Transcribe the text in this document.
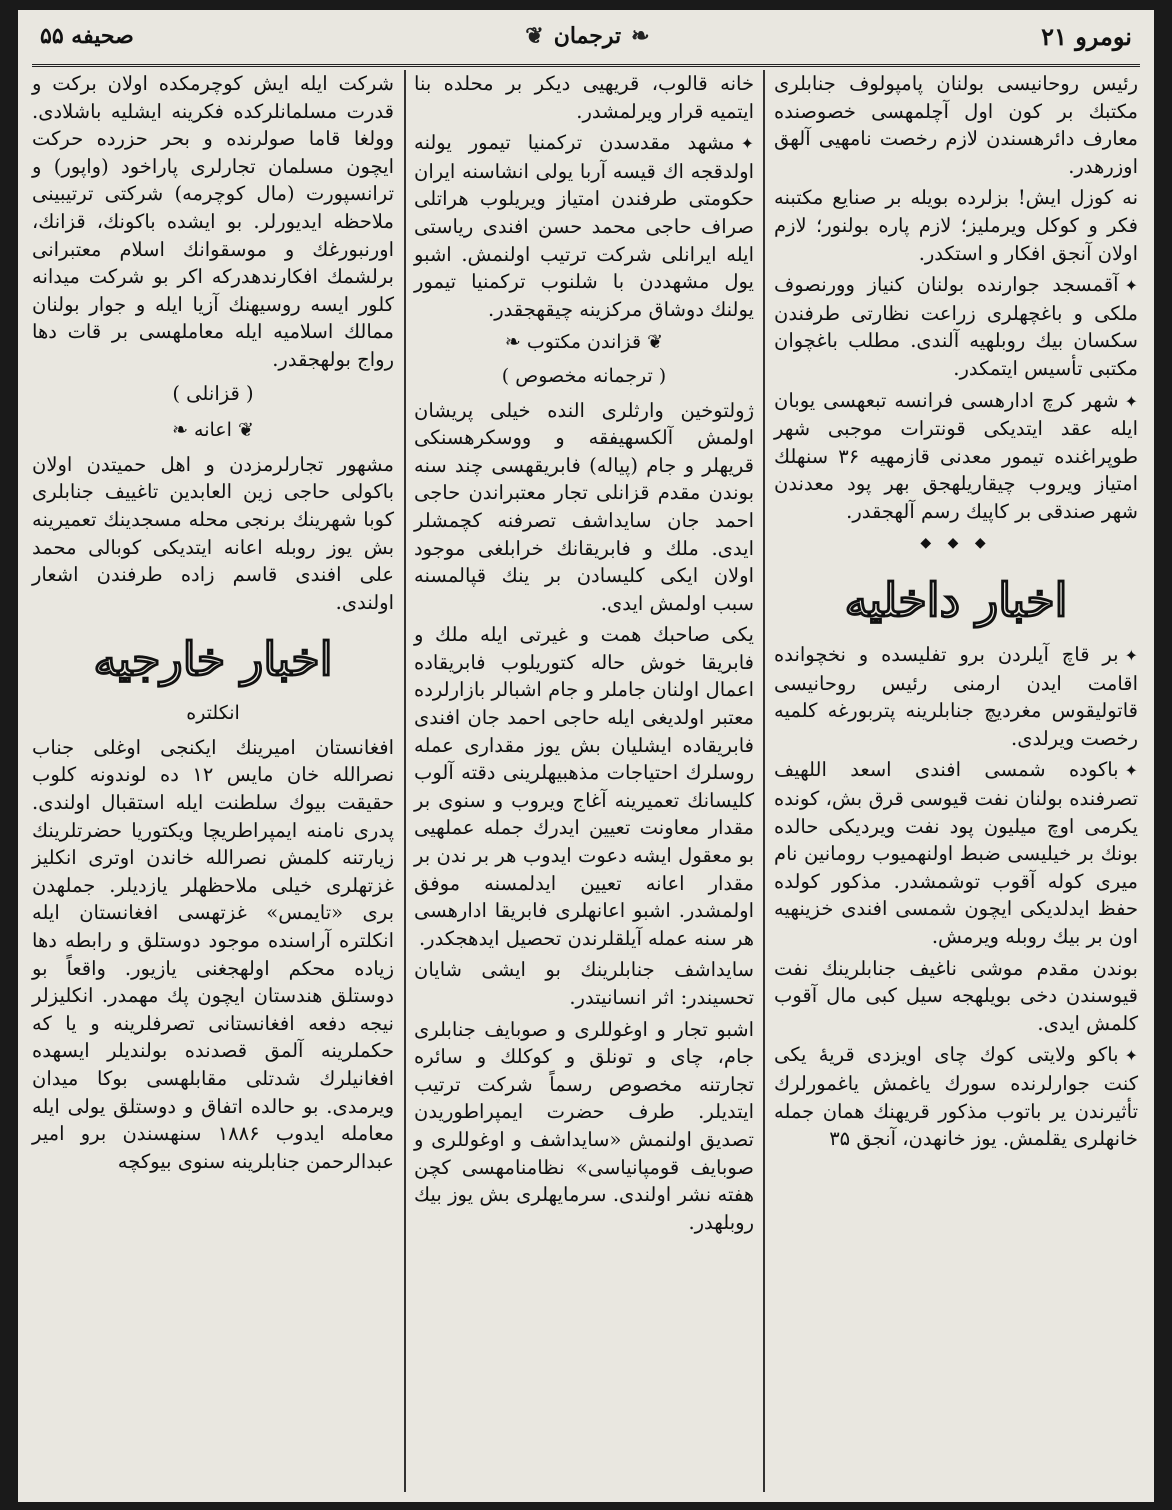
صحیفه ۵۵	❦ ترجمان ❧	نومرو ۲۱

رئیس روحانیسی بولنان پامپولوف جنابلری مکتبك بر کون اول آچلمهسی خصوصنده معارف دائرهسندن لازم رخصت نامهیی آلهق اوزرهدر.

نه کوزل ایش! بزلرده بویله بر صنایع مکتبنه فکر و کوکل ویرملیز؛ لازم پاره بولنور؛ لازم اولان آنجق افکار و استکدر.

✦آقمسجد جوارنده بولنان کنیاز وورنصوف ملکی و باغچهلری زراعت نظارتی طرفندن سکسان بیك روبلهیه آلندی. مطلب باغچوان مکتبی تأسیس ایتمکدر.

✦شهر کرچ ادارهسی فرانسه تبعهسی یوبان ایله عقد ایتدیکی قونترات موجبی شهر طوپراغنده تیمور معدنی قازمهیه ۳۶ سنهلك امتیاز ویروب چیقاریلهجق بهر پود معدندن شهر صندقی بر کاپیك رسم آلهجقدر.

◆ ◆ ◆
اخبار داخلیه

✦بر قاچ آیلردن برو تفلیسده و نخچوانده اقامت ایدن ارمنی رئیس روحانیسی قاتولیقوس مغردیچ جنابلرینه پتربورغه کلمیه رخصت ویرلدی.

✦باکوده شمسی افندی اسعد اللهیف تصرفنده بولنان نفت قیوسی قرق بش، کونده یکرمی اوچ میلیون پود نفت ویردیکی حالده بونك بر خیلیسی ضبط اولنهمیوب رومانین نام میری کوله آقوب توشمشدر. مذکور کولده حفظ ایدلدیکی ایچون شمسی افندی خزینهیه اون بر بیك روبله ویرمش.

بوندن مقدم موشی ناغیف جنابلرینك نفت قیوسندن دخی بویلهجه سیل کبی مال آقوب کلمش ایدی.

✦باکو ولایتی کوك چای اویزدی قریهٔ یکی کنت جوارلرنده سورك یاغمش یاغمورلرك تأثیرندن یر باتوب مذکور قریهنك همان جمله خانهلری یقلمش. یوز خانهدن، آنجق ۳۵

خانه قالوب، قریهیی دیکر بر محلده بنا ایتمیه قرار ویرلمشدر.

✦مشهد مقدسدن ترکمنیا تیمور یولنه اولدقجه اك قیسه آربا یولی انشاسنه ایران حکومتی طرفندن امتیاز ویریلوب هراتلی صراف حاجی محمد حسن افندی ریاستی ایله ایرانلی شرکت ترتیب اولنمش. اشبو یول مشهددن با شلنوب ترکمنیا تیمور یولنك دوشاق مرکزینه چیقهجقدر.

❦ قزاندن مکتوب ❧
( ترجمانه مخصوص )

ژولتوخین وارثلری النده خیلی پریشان اولمش آلکسهیفقه و ووسکرهسنکی قریهلر و جام (پیاله) فابریقهسی چند سنه بوندن مقدم قزانلی تجار معتبراندن حاجی احمد جان سایداشف تصرفنه کچمشلر ایدی. ملك و فابریقانك خرابلغی موجود اولان ایکی کلیسادن بر ینك قپالمسنه سبب اولمش ایدی.

یکی صاحبك همت و غیرتی ایله ملك و فابریقا خوش حاله کتوریلوب فابریقاده اعمال اولنان جاملر و جام اشبالر بازارلرده معتبر اولدیغی ایله حاجی احمد جان افندی فابریقاده ایشلیان بش یوز مقداری عمله روسلرك احتیاجات مذهبیهلرینی دقته آلوب کلیسانك تعمیرینه آغاج ویروب و سنوی بر مقدار معاونت تعیین ایدرك جمله عملهیی بو معقول ایشه دعوت ایدوب هر بر ندن بر مقدار اعانه تعیین ایدلمسنه موفق اولمشدر. اشبو اعانهلری فابریقا ادارهسی هر سنه عمله آیلقلرندن تحصیل ایدهجکدر.

سایداشف جنابلرینك بو ایشی شایان تحسیندر: اثر انسانیتدر.

اشبو تجار و اوغوللری و صوبایف جنابلری جام، چای و تونلق و کوکلك و سائره تجارتنه مخصوص رسماً شرکت ترتیب ایتدیلر. طرف حضرت ایمپراطوریدن تصدیق اولنمش «سایداشف و اوغوللری و صوبایف قومپانیاسی» نظامنامهسی کچن هفته نشر اولندی. سرمایهلری بش یوز بیك روبلهدر.

شرکت ایله ایش کوچرمکده اولان برکت و قدرت مسلمانلرکده فکرینه ایشلیه باشلادی. وولغا قاما صولرنده و بحر حزرده حرکت ایچون مسلمان تجارلری پاراخود (واپور) و ترانسپورت (مال کوچرمه) شرکتی ترتیبینی ملاحظه ایدیورلر. بو ایشده باکونك، قزانك، اورنبورغك و موسقوانك اسلام معتبرانی برلشمك افکارندهدرکه اکر بو شرکت میدانه کلور ایسه روسیهنك آزیا ایله و جوار بولنان ممالك اسلامیه ایله معاملهسی بر قات دها رواج بولهجقدر.

( قزانلی )
❦ اعانه ❧

مشهور تجارلرمزدن و اهل حمیتدن اولان باکولی حاجی زین العابدین تاغییف جنابلری کوبا شهرینك برنجی محله مسجدینك تعمیرینه بش یوز روبله اعانه ایتدیکی کوبالی محمد علی افندی قاسم زاده طرفندن اشعار اولندی.

اخبار خارجیه
انکلتره

افغانستان امیرینك ایکنجی اوغلی جناب نصرالله خان مایس ۱۲ ده لوندونه کلوب حقیقت بیوك سلطنت ایله استقبال اولندی. پدری نامنه ایمپراطریچا ویکتوریا حضرتلرینك زیارتنه کلمش نصرالله خاندن اوتری انکلیز غزتهلری خیلی ملاحظهلر یازدیلر. جملهدن بری «تایمس» غزتهسی افغانستان ایله انکلتره آراسنده موجود دوستلق و رابطه دها زیاده محکم اولهجغنی یازیور. واقعاً بو دوستلق هندستان ایچون پك مهمدر. انکلیزلر نیجه دفعه افغانستانی تصرفلرینه و یا که حکملرینه آلمق قصدنده بولندیلر ایسهده افغانیلرك شدتلی مقابلهسی بوکا میدان ویرمدی. بو حالده اتفاق و دوستلق یولی ایله معامله ایدوب ۱۸۸۶ سنهسندن برو امیر عبدالرحمن جنابلرینه سنوی بیوکچه
